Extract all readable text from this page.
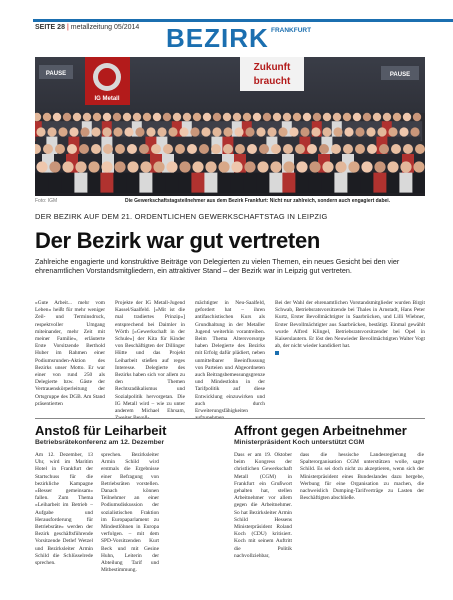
SEITE 28 | metallzeitung 05/2014 BEZIRK FRANKFURT
IG Metall
Zukunft
braucht
PAUSE	PAUSE
Foto: IGM	Die Gewerkschaftstagsteilnehmer aus dem Bezirk Frankfurt: Nicht nur zahlreich, sondern auch engagiert dabei.
DER BEZIRK AUF DEM 21. ORDENTLICHEN GEWERKSCHAFTSTAG IN LEIPZIG
Der Bezirk war gut vertreten
Zahlreiche engagierte und konstruktive Beiträge von Delegierten zu vielen Themen, ein neues Gesicht bei den vier ehrenamtlichen Vorstandsmitgliedern, ein attraktiver Stand – der Bezirk war in Leipzig gut vertreten.

»Gute Arbeit... mehr vom Leben« heißt für mehr weniger Zeil- und Terminsdruck, respektvoller Umgang miteinander, mehr Zeit mit meiner Familie«, erläuterte Erste Vorsitzende Berthold Huber im Rahmen einer Podiumsrunden-Aktion des Bezirks unser Motto. Er war einer von rund 250 als Delegierte bzw. Gäste der Vertrauenskörperleitung der Ortsgruppe des DGB. Am Stand präsentierten

Projekte der IG Metall-Jugend Kassel/Saalfeld. [»Mit ist die mal tradiertes Prinzip«] entsprechend bei Daimler in Wörth [»Gewerkschaft in der Schule«] der Kita für Kinder von Beschäftigten der Dillinger Hütte und das Projekt Leiharbeit stießen auf reges Interesse. Delegierte des Bezirks haben sich vor allem zu den Themen Rechtsradikalismus und Sozialpolitik hervorgetan. Die IG Metall wird – wie zu unter anderem Michael Ehrsam,

mächtigter in Neu-Saalfeld, gefordert hat – ihren antifaschistischen Kurs als Grundhaltung in der Metaller Jugend weiterhin vorantreiben. Beim Thema Altersvorsorge haben Delegierte des Bezirks mit Erfolg dafür plädiert, neben unmittelbarer Beeinflussung von Parteien und Abgeordneten auch Beitragsbemessungsgrenze und Mindestlohn in der Tarifpolitik auf diese Entwicklung einzuwirken und auch durch Erweiterungsfähigkeiten

Bei der Wahl der ehrenamtlichen Vorstandsmitglieder wurden Birgit Schwab, Betriebsratsvorsitzende bei Thales in Arnstadt, Hans Peter Kurtz, Erster Bevollmächtigter in Saarbrücken, und Lilli Wiebner, Erster Bevollmächtigter aus Saarbrücken, bestätigt. Einmal gewählt wurde Alfred Klingel, Betriebsratsvorsitzender bei Opel in Kaiserslautern. Er löst den Neuwieder Bevollmächtigten Walter Vogt ab, der nicht wieder kandidiert hat.

Anstoß für Leiharbeit
Betriebsrätekonferenz am 12. Dezember

Am 12. Dezember, 13 Uhr, wird im Maritim Hotel in Frankfurt der Startschuss für die bezirkliche Kampagne »Besser gemeinsam« fallen. Zum Thema »Leiharbeit im Betrieb – Aufgabe und Herausforderung für Betriebsräte« werden der Bezirk geschäftsführende Vorsitzende Detlef Wetzel und Bezirksleiter Armin Schild die Schlüsselrede sprechen.

sprechen. Bezirksleiter Armin Schild wird erstmals die Ergebnisse einer Befragung von Betriebsräten vorstellen. Danach können Teilnehmer an einer Podiumsdiskussion der sozialistischen Fraktion im Europaparlament zu Mindestlöhnen in Europa verfolgen. – mit dem SPD-Vorsitzenden Kurt Beck und mit Gesine Huhn, Leiterin der Abteilung Tarif und Mitbestimmung.

Affront gegen Arbeitnehmer
Ministerpräsident Koch unterstützt CGM

Dass er am 19. Oktober beim Kongress der christlichen Gewerkschaft Metall (CGM) in Frankfurt ein Grußwort gehalten hat, stellen Arbeitnehmer vor allem gegen die Arbeitnehmer. So hat Bezirksleiter Armin Schild Hessens Ministerpräsident Roland Koch (CDU) kritisiert. Koch mit seinem Auftritt die Politik nachvollziehbar,

dass die hessische Landesregierung die Spalterorganisation CGM unterstützen wolle, sagte Schild. Es sei doch nicht zu akzeptieren, wenn sich der Ministerpräsident eines Bundeslandes dazu hergebe, Werbung für eine Organisation zu machen, die nachweislich Dumping-Tarifverträge zu Lasten der Beschäftigten abschließe.
